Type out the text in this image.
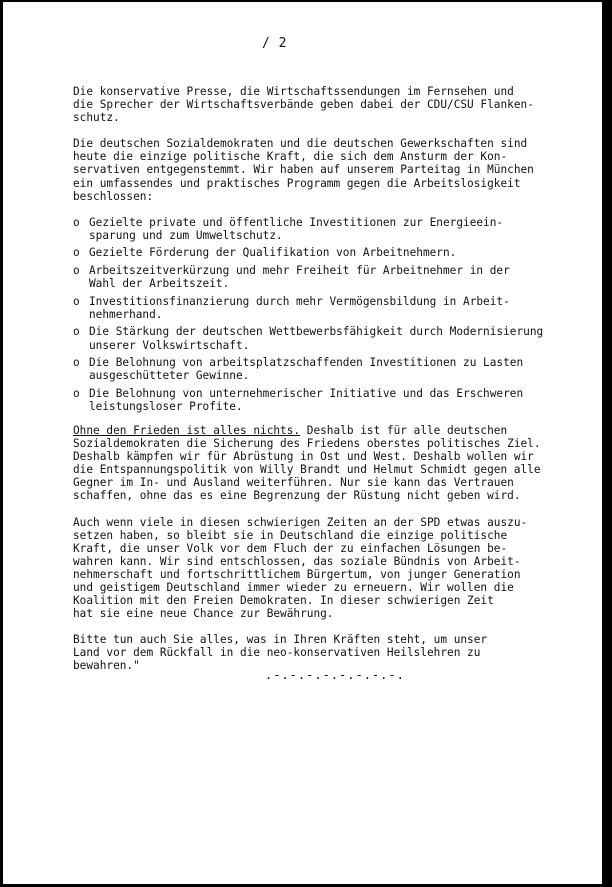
/ 2

Die konservative Presse, die Wirtschaftssendungen im Fernsehen und
die Sprecher der Wirtschaftsverbände geben dabei der CDU/CSU Flanken-
schutz.

Die deutschen Sozialdemokraten und die deutschen Gewerkschaften sind
heute die einzige politische Kraft, die sich dem Ansturm der Kon-
servativen entgegenstemmt. Wir haben auf unserem Parteitag in München
ein umfassendes und praktisches Programm gegen die Arbeitslosigkeit
beschlossen:

o Gezielte private und öffentliche Investitionen zur Energieein-
sparung und zum Umweltschutz.
o Gezielte Förderung der Qualifikation von Arbeitnehmern.
o Arbeitszeitverkürzung und mehr Freiheit für Arbeitnehmer in der
Wahl der Arbeitszeit.
o Investitionsfinanzierung durch mehr Vermögensbildung in Arbeit-
nehmerhand.
o Die Stärkung der deutschen Wettbewerbsfähigkeit durch Modernisierung
unserer Volkswirtschaft.
o Die Belohnung von arbeitsplatzschaffenden Investitionen zu Lasten
ausgeschütteter Gewinne.
o Die Belohnung von unternehmerischer Initiative und das Erschweren
leistungsloser Profite.

Ohne den Frieden ist alles nichts. Deshalb ist für alle deutschen
Sozialdemokraten die Sicherung des Friedens oberstes politisches Ziel.
Deshalb kämpfen wir für Abrüstung in Ost und West. Deshalb wollen wir
die Entspannungspolitik von Willy Brandt und Helmut Schmidt gegen alle
Gegner im In- und Ausland weiterführen. Nur sie kann das Vertrauen
schaffen, ohne das es eine Begrenzung der Rüstung nicht geben wird.

Auch wenn viele in diesen schwierigen Zeiten an der SPD etwas auszu-
setzen haben, so bleibt sie in Deutschland die einzige politische
Kraft, die unser Volk vor dem Fluch der zu einfachen Lösungen be-
wahren kann. Wir sind entschlossen, das soziale Bündnis von Arbeit-
nehmerschaft und fortschrittlichem Bürgertum, von junger Generation
und geistigem Deutschland immer wieder zu erneuern. Wir wollen die
Koalition mit den Freien Demokraten. In dieser schwierigen Zeit
hat sie eine neue Chance zur Bewährung.

Bitte tun auch Sie alles, was in Ihren Kräften steht, um unser
Land vor dem Rückfall in die neo-konservativen Heilslehren zu
bewahren."

.-.-.-.-.-.-.-.-.
